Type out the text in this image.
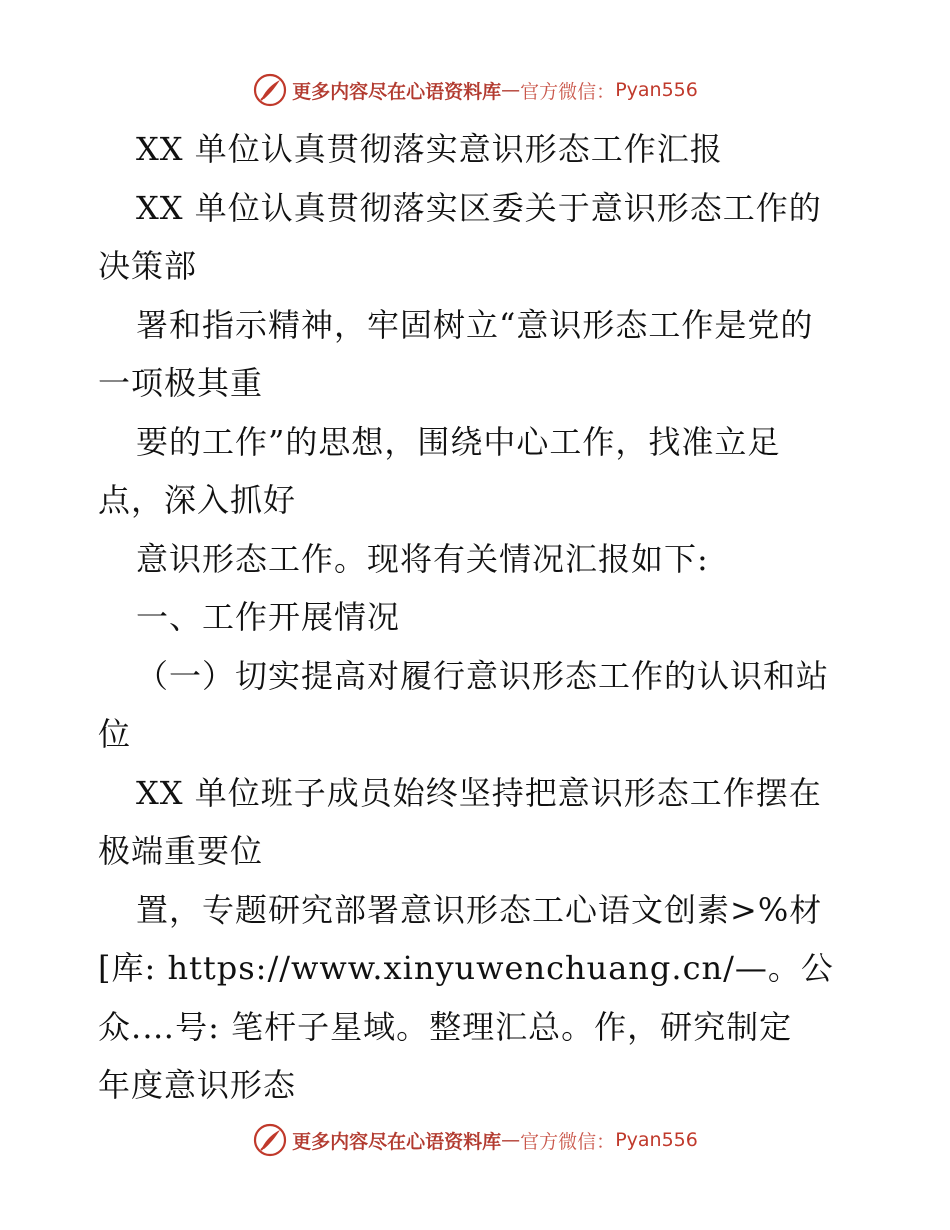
更多内容尽在心语资料库 — 官方微信： Pyan556
XX 单位认真贯彻落实意识形态工作汇报
XX 单位认真贯彻落实区委关于意识形态工作的
决策部
署和指示精神，牢固树立“意识形态工作是党的
一项极其重
要的工作”的思想，围绕中心工作，找准立足
点，深入抓好
意识形态工作。现将有关情况汇报如下:
一、工作开展情况
（一）切实提高对履行意识形态工作的认识和站
位
XX 单位班子成员始终坚持把意识形态工作摆在
极端重要位
置，专题研究部署意识形态工心语文创素>%材
[库: https://www.xinyuwenchuang.cn/—。公
众.…号: 笔杆子星域。整理汇总。作，研究制定
年度意识形态
更多内容尽在心语资料库 — 官方微信： Pyan556
